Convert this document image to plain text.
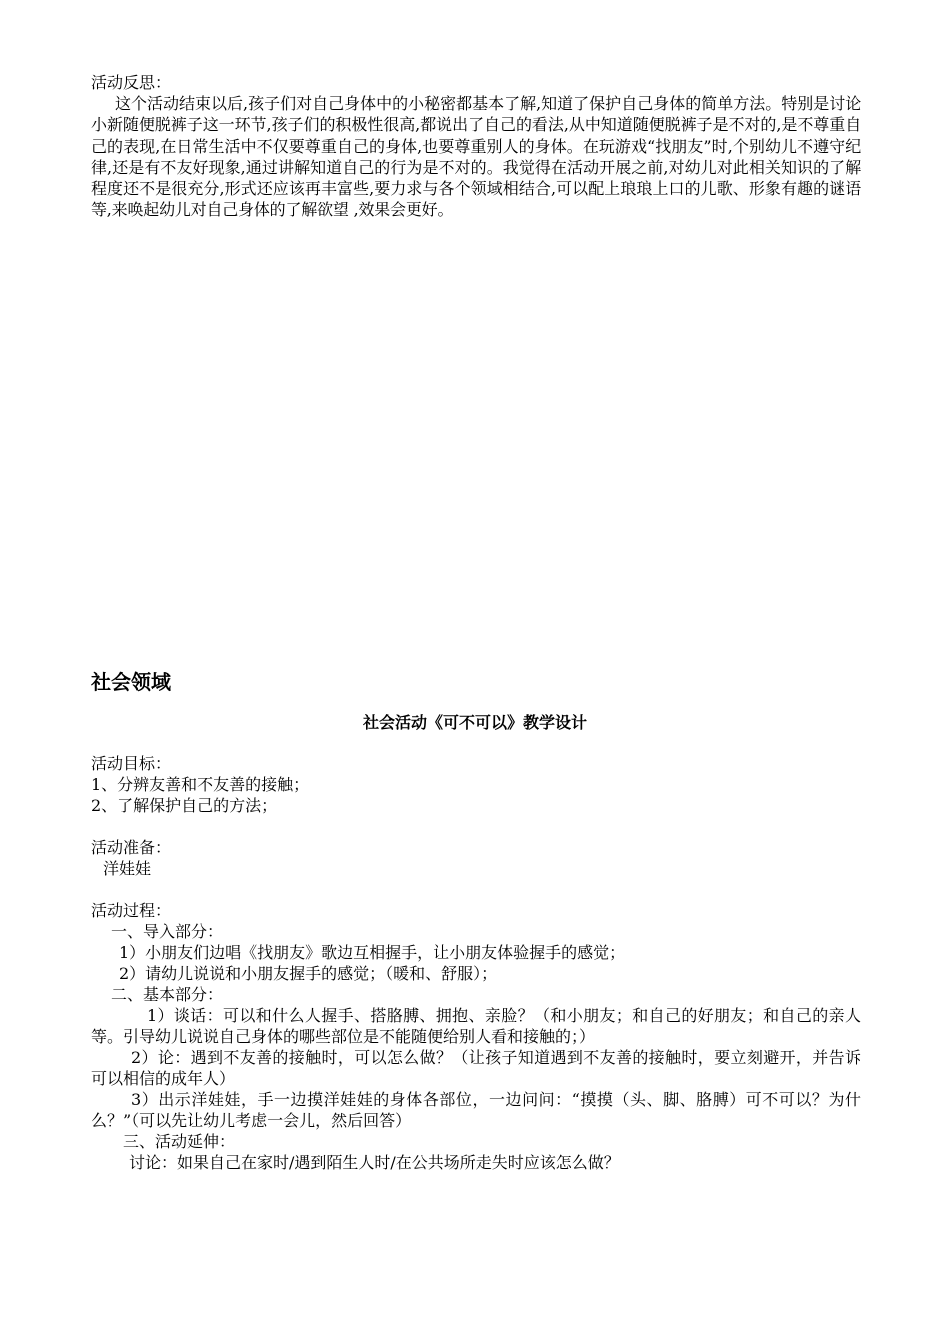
活动反思：
这个活动结束以后,孩子们对自己身体中的小秘密都基本了解,知道了保护自己身体的简单方法。特别是讨论小新随便脱裤子这一环节,孩子们的积极性很高,都说出了自己的看法,从中知道随便脱裤子是不对的,是不尊重自己的表现,在日常生活中不仅要尊重自己的身体,也要尊重别人的身体。在玩游戏“找朋友”时,个别幼儿不遵守纪律,还是有不友好现象,通过讲解知道自己的行为是不对的。我觉得在活动开展之前,对幼儿对此相关知识的了解程度还不是很充分,形式还应该再丰富些,要力求与各个领域相结合,可以配上琅琅上口的儿歌、形象有趣的谜语等,来唤起幼儿对自己身体的了解欲望 ,效果会更好。
社会领域
社会活动《可不可以》教学设计
活动目标：
1、分辨友善和不友善的接触；
2、了解保护自己的方法；
活动准备：
洋娃娃
活动过程：
一、导入部分：
1）小朋友们边唱《找朋友》歌边互相握手，让小朋友体验握手的感觉；
2）请幼儿说说和小朋友握手的感觉；（暖和、舒服）；
二、基本部分：
1）谈话：可以和什么人握手、搭胳膊、拥抱、亲脸？（和小朋友；和自己的好朋友；和自己的亲人等。引导幼儿说说自己身体的哪些部位是不能随便给别人看和接触的；）
2）论：遇到不友善的接触时，可以怎么做？（让孩子知道遇到不友善的接触时，要立刻避开，并告诉可以相信的成年人）
3）出示洋娃娃，手一边摸洋娃娃的身体各部位，一边问问：“摸摸（头、脚、胳膊）可不可以？为什么？”（可以先让幼儿考虑一会儿，然后回答）
三、活动延伸：
讨论：如果自己在家时/遇到陌生人时/在公共场所走失时应该怎么做？
